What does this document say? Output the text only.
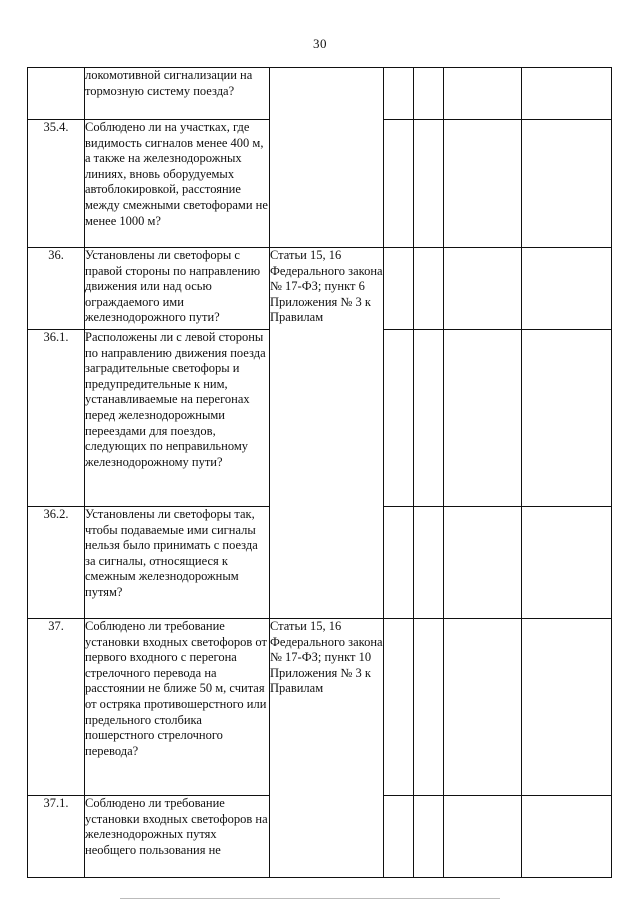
30
	локомотивной сигнализации на тормозную систему поезда?					
35.4.	Соблюдено ли на участках, где видимость сигналов менее 400 м, а также на железнодорожных линиях, вновь оборудуемых автоблокировкой, расстояние между смежными светофорами не менее 1000 м?					
36.	Установлены ли светофоры с правой стороны по направлению движения или над осью ограждаемого ими железнодорожного пути?	Статьи 15, 16 Федерального закона № 17-ФЗ; пункт 6 Приложения № 3 к Правилам				
36.1.	Расположены ли с левой стороны по направлению движения поезда заградительные светофоры и предупредительные к ним, устанавливаемые на перегонах перед железнодорожными переездами для поездов, следующих по неправильному железнодорожному пути?					
36.2.	Установлены ли светофоры так, чтобы подаваемые ими сигналы нельзя было принимать с поезда за сигналы, относящиеся к смежным железнодорожным путям?					
37.	Соблюдено ли требование установки входных светофоров от первого входного с перегона стрелочного перевода на расстоянии не ближе 50 м, считая от остряка противошерстного или предельного столбика пошерстного стрелочного перевода?	Статьи 15, 16 Федерального закона № 17-ФЗ; пункт 10 Приложения № 3 к Правилам				
37.1.	Соблюдено ли требование установки входных светофоров на железнодорожных путях необщего пользования не					
